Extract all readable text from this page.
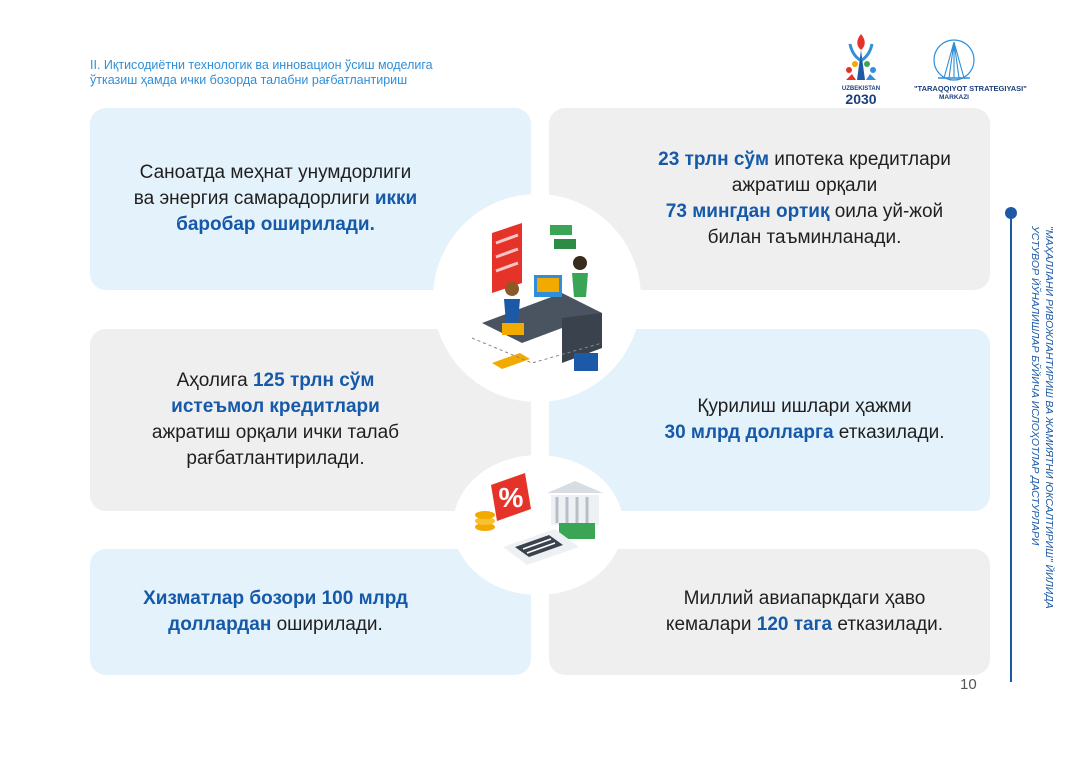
II. Иқтисодиётни технологик ва инновацион ўсиш моделига
ўтказиш ҳамда ички бозорда талабни рағбатлантириш
UZBEKISTAN
2030
"TARAQQIYOT STRATEGIYASI"
MARKAZI
Саноатда меҳнат унумдорлиги
ва энергия самарадорлиги икки
баробар оширилади.
23 трлн сўм ипотека кредитлари
ажратиш орқали
73 мингдан ортиқ оила уй-жой
билан таъминланади.
Аҳолига 125 трлн сўм
истеъмол кредитлари
ажратиш орқали ички талаб
рағбатлантирилади.
Қурилиш ишлари ҳажми
30 млрд долларга етказилади.
Хизматлар бозори 100 млрд
доллардан оширилади.
Миллий авиапаркдаги ҳаво
кемалари 120 тага етказилади.
%
10
"МАҲАЛЛАНИ РИВОЖЛАНТИРИШ ВА ЖАМИЯТНИ ЮКСАЛТИРИШ" ЙИЛИДА
УСТУВОР ЙЎНАЛИШЛАР БЎЙИЧА ИСЛОҲОТЛАР ДАСТУРЛАРИ
